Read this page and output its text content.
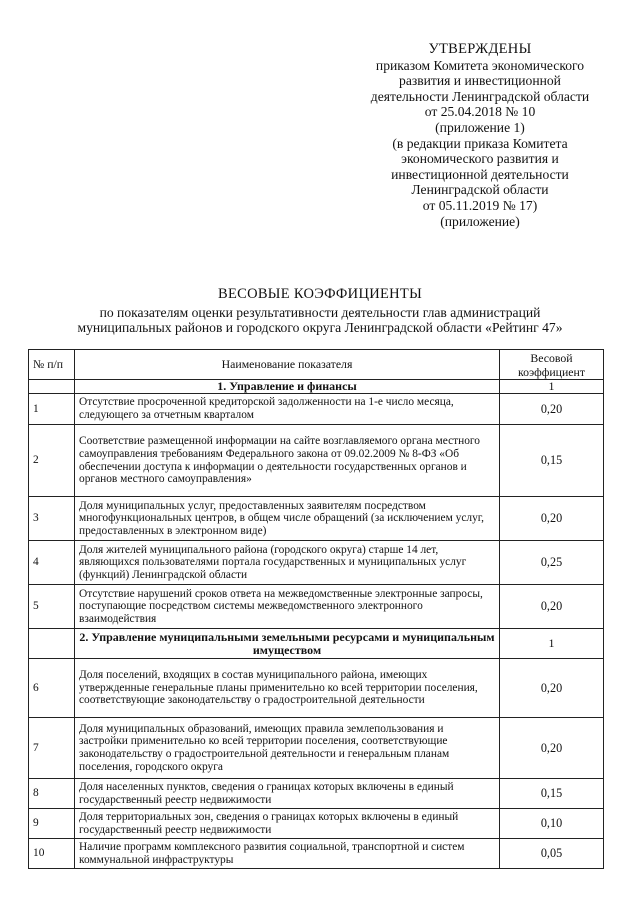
УТВЕРЖДЕНЫ
приказом Комитета экономического
развития и инвестиционной
деятельности Ленинградской области
от 25.04.2018 № 10
(приложение 1)
(в редакции приказа Комитета
экономического развития и
инвестиционной деятельности
Ленинградской области
от 05.11.2019 № 17)
(приложение)
ВЕСОВЫЕ КОЭФФИЦИЕНТЫ
по показателям оценки результативности деятельности глав администраций
муниципальных районов и городского округа Ленинградской области «Рейтинг 47»
№ п/п	Наименование показателя	Весовой коэффициент
	1. Управление и финансы	1
1	Отсутствие просроченной кредиторской задолженности на 1-е число месяца, следующего за отчетным кварталом	0,20
2	Соответствие размещенной информации на сайте возглавляемого органа местного самоуправления требованиям Федерального закона от 09.02.2009 № 8-ФЗ «Об обеспечении доступа к информации о деятельности государственных органов и органов местного самоуправления»	0,15
3	Доля муниципальных услуг, предоставленных заявителям посредством многофункциональных центров, в общем числе обращений (за исключением услуг, предоставленных в электронном виде)	0,20
4	Доля жителей муниципального района (городского округа) старше 14 лет, являющихся пользователями портала государственных и муниципальных услуг (функций) Ленинградской области	0,25
5	Отсутствие нарушений сроков ответа на межведомственные электронные запросы, поступающие посредством системы межведомственного электронного взаимодействия	0,20
	2. Управление муниципальными земельными ресурсами и муниципальным имуществом	1
6	Доля поселений, входящих в состав муниципального района, имеющих утвержденные генеральные планы применительно ко всей территории поселения, соответствующие законодательству о градостроительной деятельности	0,20
7	Доля муниципальных образований, имеющих правила землепользования и застройки применительно ко всей территории поселения, соответствующие законодательству о градостроительной деятельности и генеральным планам поселения, городского округа	0,20
8	Доля населенных пунктов, сведения о границах которых включены в единый государственный реестр недвижимости	0,15
9	Доля территориальных зон, сведения о границах которых включены в единый государственный реестр недвижимости	0,10
10	Наличие программ комплексного развития социальной, транспортной и систем коммунальной инфраструктуры	0,05
